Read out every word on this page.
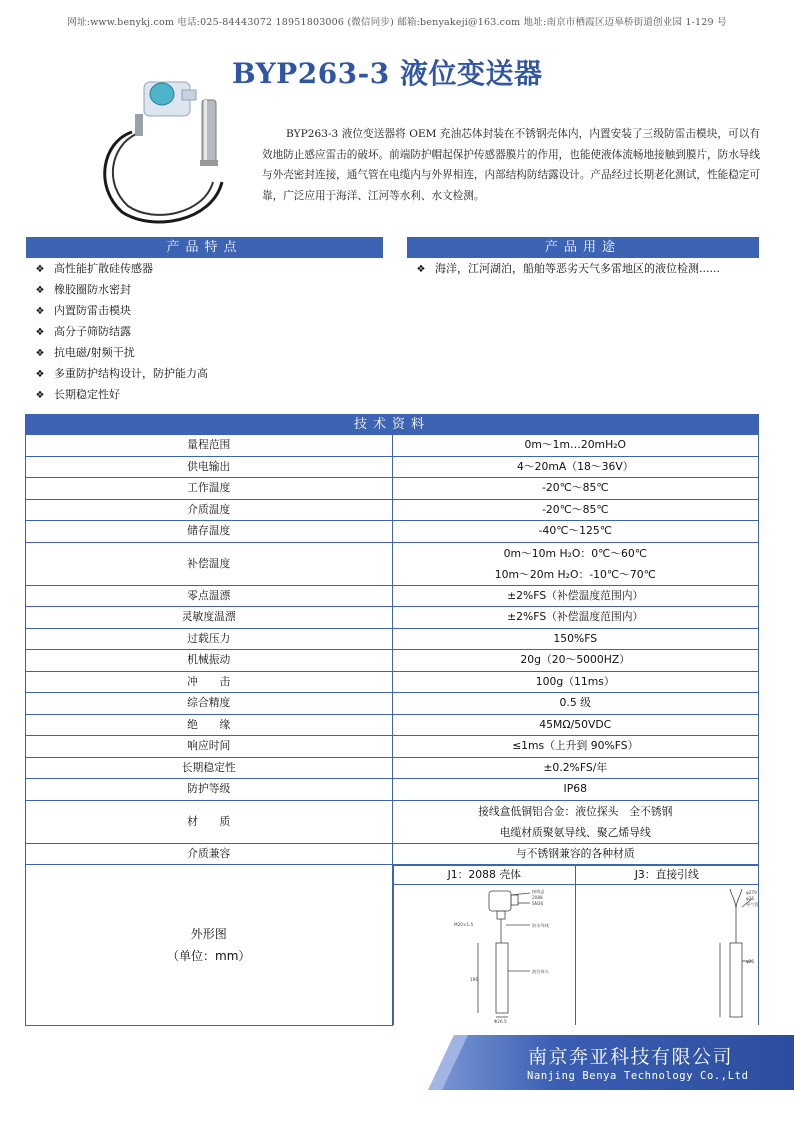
网址:www.benykj.com 电话:025-84443072 18951803006 (微信同步) 邮箱:benyakeji@163.com 地址:南京市栖霞区迈皋桥街道创业园 1-129 号
BYP263-3 液位变送器
BYP263-3 液位变送器将 OEM 充油芯体封装在不锈钢壳体内，内置安装了三级防雷击模块，可以有效地防止感应雷击的破坏。前端防护帽起保护传感器膜片的作用，也能使液体流畅地接触到膜片，防水导线与外壳密封连接，通气管在电缆内与外界相连，内部结构防结露设计。产品经过长期老化测试，性能稳定可靠，广泛应用于海洋、江河等水利、水文检测。
产品特点
❖ 高性能扩散硅传感器
❖ 橡胶圈防水密封
❖ 内置防雷击模块
❖ 高分子筛防结露
❖ 抗电磁/射频干扰
❖ 多重防护结构设计，防护能力高
❖ 长期稳定性好
产品用途
❖ 海洋，江河湖泊，船舶等恶劣天气多雷地区的液位检测......
技术资料
量程范围	0m～1m…20mH₂O
供电输出	4～20mA（18～36V）
工作温度	-20℃～85℃
介质温度	-20℃～85℃
储存温度	-40℃～125℃
补偿温度	
0m～10m H₂O：0℃～60℃
10m～20m H₂O：-10℃～70℃

零点温漂	±2%FS（补偿温度范围内）
灵敏度温漂	±2%FS（补偿温度范围内）
过载压力	150%FS
机械振动	20g（20～5000HZ）
冲　　击	100g（11ms）
综合精度	0.5 级
绝　　缘	45MΩ/50VDC
响应时间	≤1ms（上升到 90%FS）
长期稳定性	±0.2%FS/年
防护等级	IP68
材　　质	
接线盒低铜铝合金：液位探头　全不锈钢
电缆材质聚氨导线、聚乙烯导线

介质兼容	与不锈钢兼容的各种材质

外形图
（单位：mm）

J1：2088 壳体	J3：直接引线

接线盒
2088
SN36
M20×1.5	防水导线
液位探头
196
Φ26.5

φ279
φ26
导气管
φ26
南京奔亚科技有限公司
Nanjing Benya Technology Co.,Ltd
